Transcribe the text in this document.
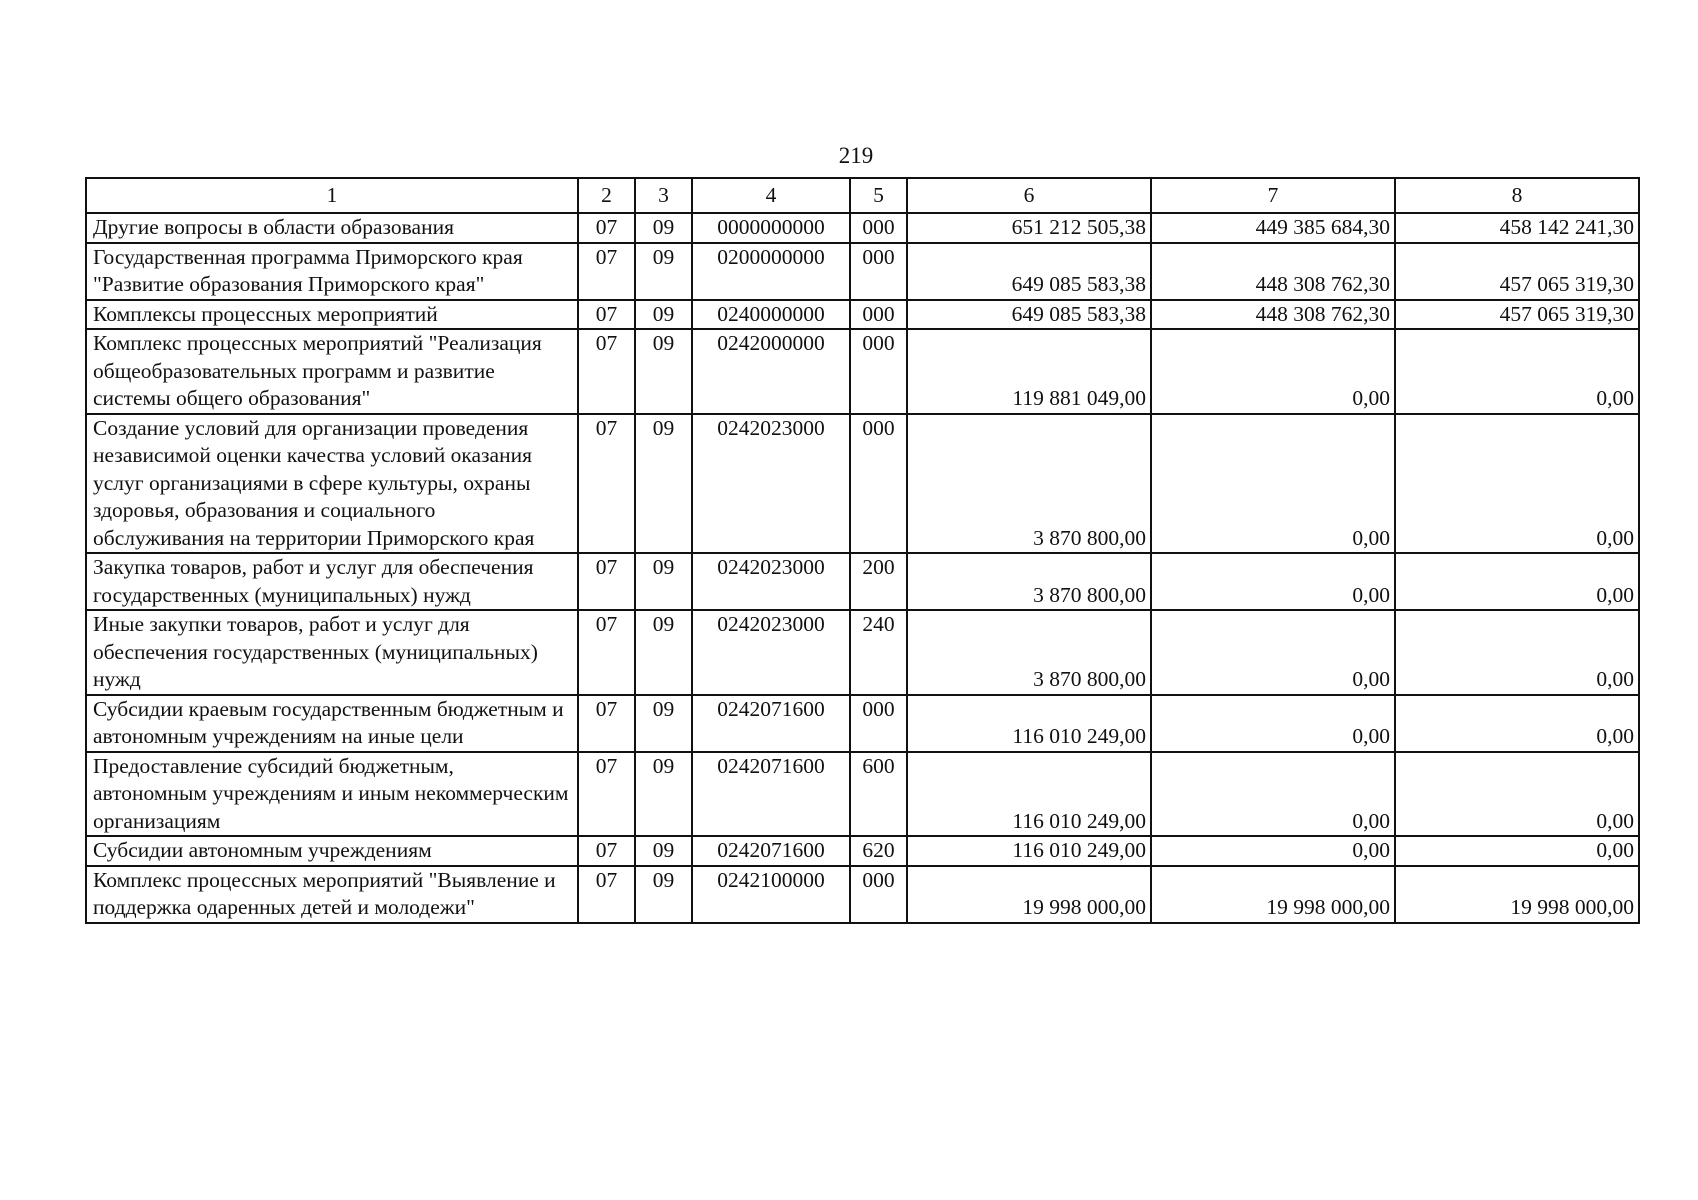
219
1	2	3	4	5	6	7	8
Другие вопросы в области образования	07	09	0000000000	000	651 212 505,38	449 385 684,30	458 142 241,30
Государственная программа Приморского края "Развитие образования Приморского края"	07	09	0200000000	000	649 085 583,38	448 308 762,30	457 065 319,30
Комплексы процессных мероприятий	07	09	0240000000	000	649 085 583,38	448 308 762,30	457 065 319,30
Комплекс процессных мероприятий "Реализация общеобразовательных программ и развитие системы общего образования"	07	09	0242000000	000	119 881 049,00	0,00	0,00
Создание условий для организации проведения независимой оценки качества условий оказания услуг организациями в сфере культуры, охраны здоровья, образования и социального обслуживания на территории Приморского края	07	09	0242023000	000	3 870 800,00	0,00	0,00
Закупка товаров, работ и услуг для обеспечения государственных (муниципальных) нужд	07	09	0242023000	200	3 870 800,00	0,00	0,00
Иные закупки товаров, работ и услуг для обеспечения государственных (муниципальных) нужд	07	09	0242023000	240	3 870 800,00	0,00	0,00
Субсидии краевым государственным бюджетным и автономным учреждениям на иные цели	07	09	0242071600	000	116 010 249,00	0,00	0,00
Предоставление субсидий бюджетным, автономным учреждениям и иным некоммерческим организациям	07	09	0242071600	600	116 010 249,00	0,00	0,00
Субсидии автономным учреждениям	07	09	0242071600	620	116 010 249,00	0,00	0,00
Комплекс процессных мероприятий "Выявление и поддержка одаренных детей и молодежи"	07	09	0242100000	000	19 998 000,00	19 998 000,00	19 998 000,00
